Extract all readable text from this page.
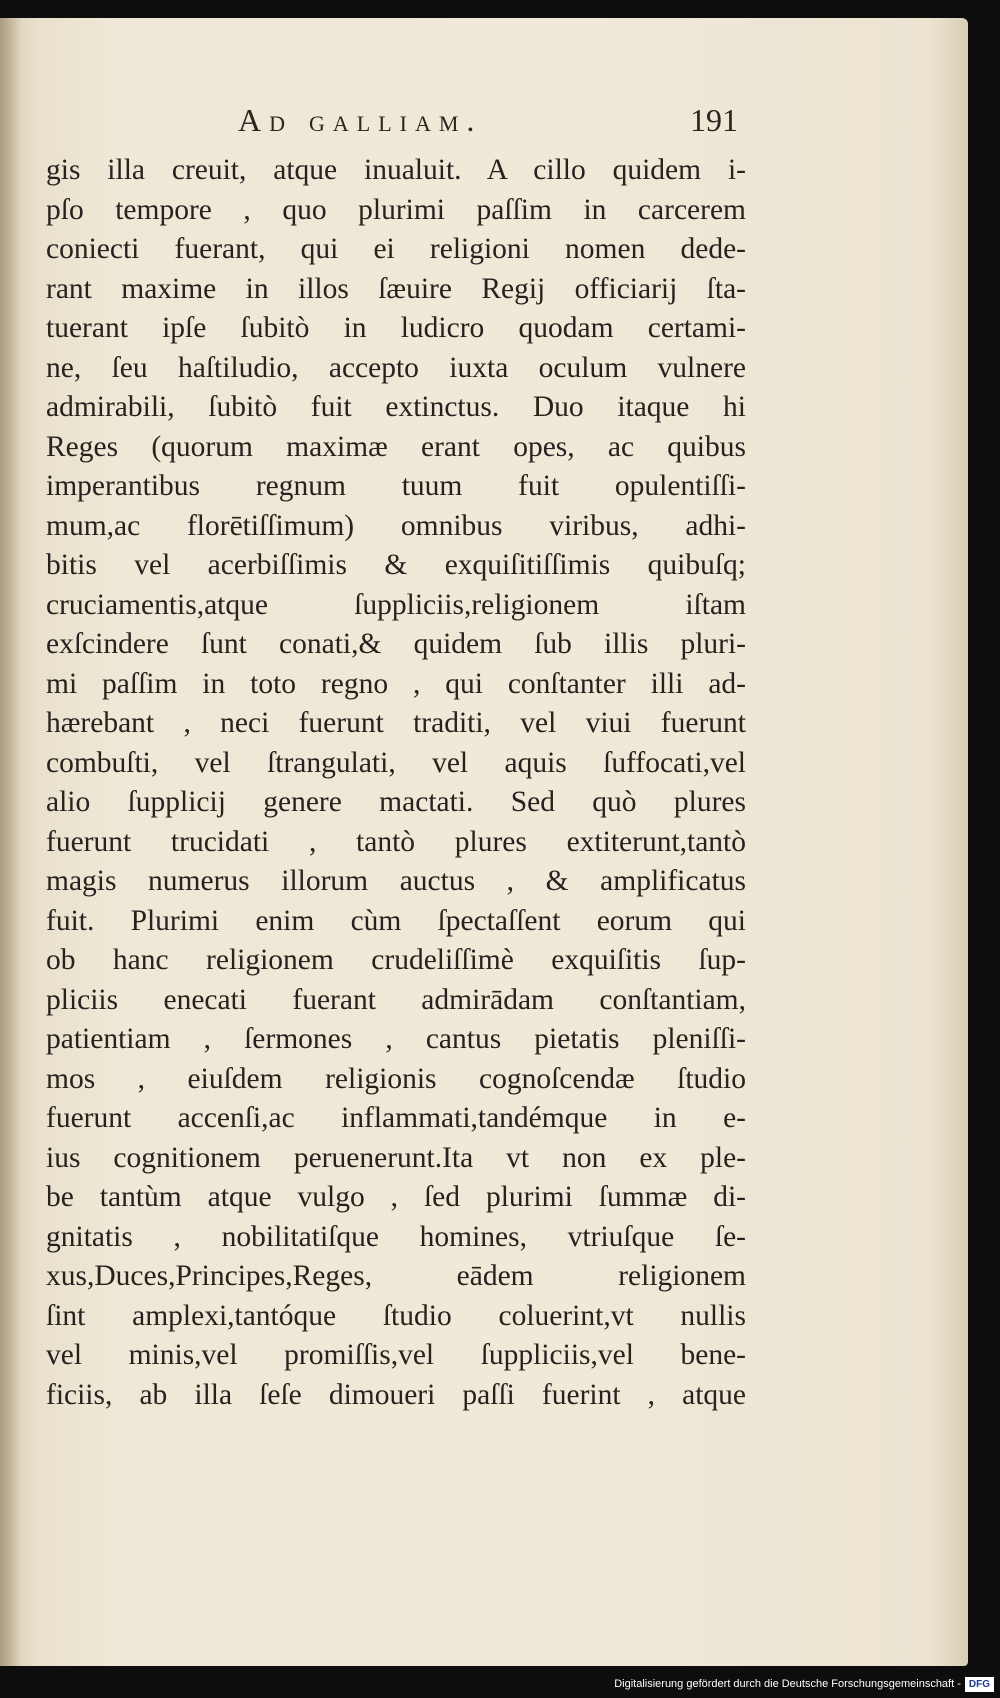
Ad galliam.	191
gis illa creuit, atque inualuit. A cillo quidem i-
pſo tempore , quo plurimi paſſim in carcerem
coniecti fuerant, qui ei religioni nomen dede-
rant maxime in illos ſæuire Regij officiarij ſta-
tuerant ipſe ſubitò in ludicro quodam certami-
ne, ſeu haſtiludio, accepto iuxta oculum vulnere
admirabili, ſubitò fuit extinctus. Duo itaque hi
Reges (quorum maximæ erant opes, ac quibus
imperantibus regnum tuum fuit opulentiſſi-
mum,ac florētiſſimum) omnibus viribus, adhi-
bitis vel acerbiſſimis & exquiſitiſſimis quibuſq;
cruciamentis,atque ſuppliciis,religionem iſtam
exſcindere ſunt conati,& quidem ſub illis pluri-
mi paſſim in toto regno , qui conſtanter illi ad-
hærebant , neci fuerunt traditi, vel viui fuerunt
combuſti, vel ſtrangulati, vel aquis ſuffocati,vel
alio ſupplicij genere mactati. Sed quò plures
fuerunt trucidati , tantò plures extiterunt,tantò
magis numerus illorum auctus , & amplificatus
fuit. Plurimi enim cùm ſpectaſſent eorum qui
ob hanc religionem crudeliſſimè exquiſitis ſup-
pliciis enecati fuerant admirādam conſtantiam,
patientiam , ſermones , cantus pietatis pleniſſi-
mos , eiuſdem religionis cognoſcendæ ſtudio
fuerunt accenſi,ac inflammati,tandémque in e-
ius cognitionem peruenerunt.Ita vt non ex ple-
be tantùm atque vulgo , ſed plurimi ſummæ di-
gnitatis , nobilitatiſque homines, vtriuſque ſe-
xus,Duces,Principes,Reges, eādem religionem
ſint amplexi,tantóque ſtudio coluerint,vt nullis
vel minis,vel promiſſis,vel ſuppliciis,vel bene-
ficiis, ab illa ſeſe dimoueri paſſi fuerint , atque
Digitalisierung gefördert durch die Deutsche Forschungsgemeinschaft - DFG
